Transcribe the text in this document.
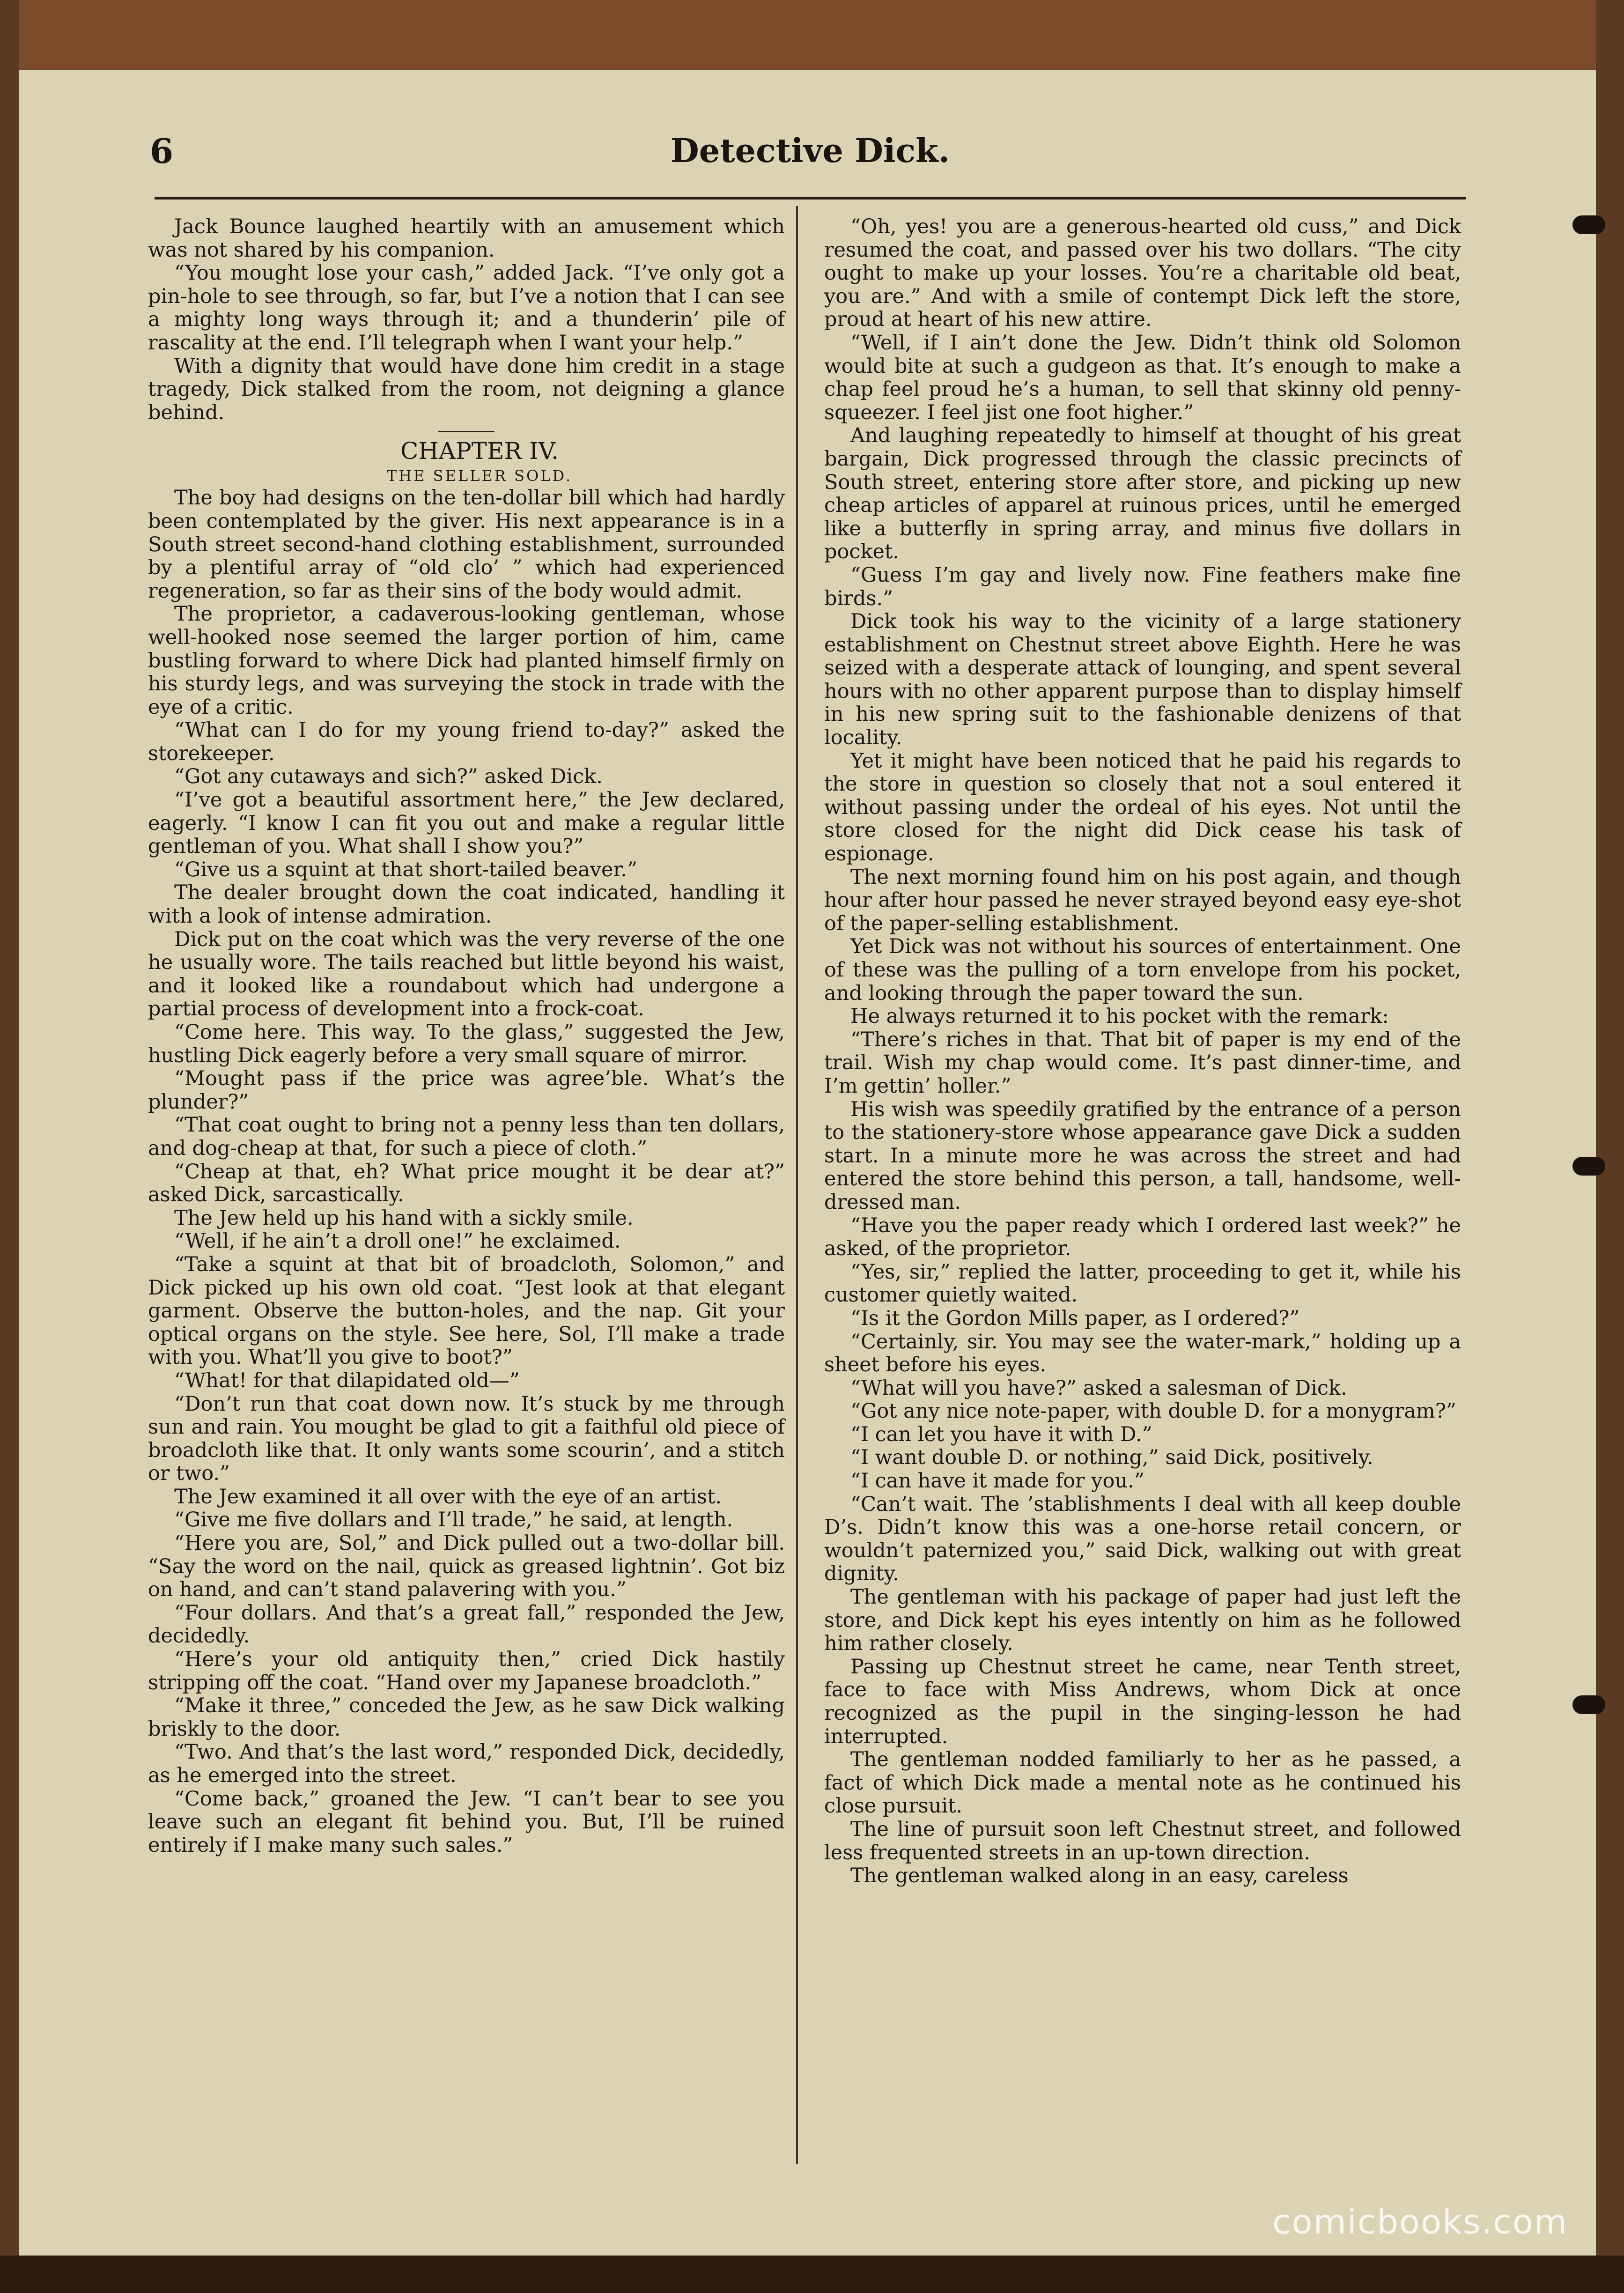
6	Detective Dick.

Jack Bounce laughed heartily with an amusement which was not shared by his companion.

“You mought lose your cash,” added Jack. “I’ve only got a pin-hole to see through, so far, but I’ve a notion that I can see a mighty long ways through it; and a thunderin’ pile of rascality at the end. I’ll telegraph when I want your help.”

With a dignity that would have done him credit in a stage tragedy, Dick stalked from the room, not deigning a glance behind.

CHAPTER IV.

THE SELLER SOLD.

The boy had designs on the ten-dollar bill which had hardly been contemplated by the giver. His next appearance is in a South street second-hand clothing establishment, surrounded by a plentiful array of “old clo’ ” which had experienced regeneration, so far as their sins of the body would admit.

The proprietor, a cadaverous-looking gentleman, whose well-hooked nose seemed the larger portion of him, came bustling forward to where Dick had planted himself firmly on his sturdy legs, and was surveying the stock in trade with the eye of a critic.

“What can I do for my young friend to-day?” asked the storekeeper.

“Got any cutaways and sich?” asked Dick.

“I’ve got a beautiful assortment here,” the Jew declared, eagerly. “I know I can fit you out and make a regular little gentleman of you. What shall I show you?”

“Give us a squint at that short-tailed beaver.”

The dealer brought down the coat indicated, handling it with a look of intense admiration.

Dick put on the coat which was the very reverse of the one he usually wore. The tails reached but little beyond his waist, and it looked like a roundabout which had undergone a partial process of development into a frock-coat.

“Come here. This way. To the glass,” suggested the Jew, hustling Dick eagerly before a very small square of mirror.

“Mought pass if the price was agree’ble. What’s the plunder?”

“That coat ought to bring not a penny less than ten dollars, and dog-cheap at that, for such a piece of cloth.”

“Cheap at that, eh? What price mought it be dear at?” asked Dick, sarcastically.

The Jew held up his hand with a sickly smile.

“Well, if he ain’t a droll one!” he exclaimed.

“Take a squint at that bit of broadcloth, Solomon,” and Dick picked up his own old coat. “Jest look at that elegant garment. Observe the button-holes, and the nap. Git your optical organs on the style. See here, Sol, I’ll make a trade with you. What’ll you give to boot?”

“What! for that dilapidated old—”

“Don’t run that coat down now. It’s stuck by me through sun and rain. You mought be glad to git a faithful old piece of broadcloth like that. It only wants some scourin’, and a stitch or two.”

The Jew examined it all over with the eye of an artist.

“Give me five dollars and I’ll trade,” he said, at length.

“Here you are, Sol,” and Dick pulled out a two-dollar bill. “Say the word on the nail, quick as greased lightnin’. Got biz on hand, and can’t stand palavering with you.”

“Four dollars. And that’s a great fall,” responded the Jew, decidedly.

“Here’s your old antiquity then,” cried Dick hastily stripping off the coat. “Hand over my Japanese broadcloth.”

“Make it three,” conceded the Jew, as he saw Dick walking briskly to the door.

“Two. And that’s the last word,” responded Dick, decidedly, as he emerged into the street.

“Come back,” groaned the Jew. “I can’t bear to see you leave such an elegant fit behind you. But, I’ll be ruined entirely if I make many such sales.”

“Oh, yes! you are a generous-hearted old cuss,” and Dick resumed the coat, and passed over his two dollars. “The city ought to make up your losses. You’re a charitable old beat, you are.” And with a smile of contempt Dick left the store, proud at heart of his new attire.

“Well, if I ain’t done the Jew. Didn’t think old Solomon would bite at such a gudgeon as that. It’s enough to make a chap feel proud he’s a human, to sell that skinny old penny-squeezer. I feel jist one foot higher.”

And laughing repeatedly to himself at thought of his great bargain, Dick progressed through the classic precincts of South street, entering store after store, and picking up new cheap articles of apparel at ruinous prices, until he emerged like a butterfly in spring array, and minus five dollars in pocket.

“Guess I’m gay and lively now. Fine feathers make fine birds.”

Dick took his way to the vicinity of a large stationery establishment on Chestnut street above Eighth. Here he was seized with a desperate attack of lounging, and spent several hours with no other apparent purpose than to display himself in his new spring suit to the fashionable denizens of that locality.

Yet it might have been noticed that he paid his regards to the store in question so closely that not a soul entered it without passing under the ordeal of his eyes. Not until the store closed for the night did Dick cease his task of espionage.

The next morning found him on his post again, and though hour after hour passed he never strayed beyond easy eye-shot of the paper-selling establishment.

Yet Dick was not without his sources of entertainment. One of these was the pulling of a torn envelope from his pocket, and looking through the paper toward the sun.

He always returned it to his pocket with the remark:

“There’s riches in that. That bit of paper is my end of the trail. Wish my chap would come. It’s past dinner-time, and I’m gettin’ holler.”

His wish was speedily gratified by the entrance of a person to the stationery-store whose appearance gave Dick a sudden start. In a minute more he was across the street and had entered the store behind this person, a tall, handsome, well-dressed man.

“Have you the paper ready which I ordered last week?” he asked, of the proprietor.

“Yes, sir,” replied the latter, proceeding to get it, while his customer quietly waited.

“Is it the Gordon Mills paper, as I ordered?”

“Certainly, sir. You may see the water-mark,” holding up a sheet before his eyes.

“What will you have?” asked a salesman of Dick.

“Got any nice note-paper, with double D. for a monygram?”

“I can let you have it with D.”

“I want double D. or nothing,” said Dick, positively.

“I can have it made for you.”

“Can’t wait. The ’stablishments I deal with all keep double D’s. Didn’t know this was a one-horse retail concern, or wouldn’t paternized you,” said Dick, walking out with great dignity.

The gentleman with his package of paper had just left the store, and Dick kept his eyes intently on him as he followed him rather closely.

Passing up Chestnut street he came, near Tenth street, face to face with Miss Andrews, whom Dick at once recognized as the pupil in the singing-lesson he had interrupted.

The gentleman nodded familiarly to her as he passed, a fact of which Dick made a mental note as he continued his close pursuit.

The line of pursuit soon left Chestnut street, and followed less frequented streets in an up-town direction.

The gentleman walked along in an easy, careless

comicbooks.com
